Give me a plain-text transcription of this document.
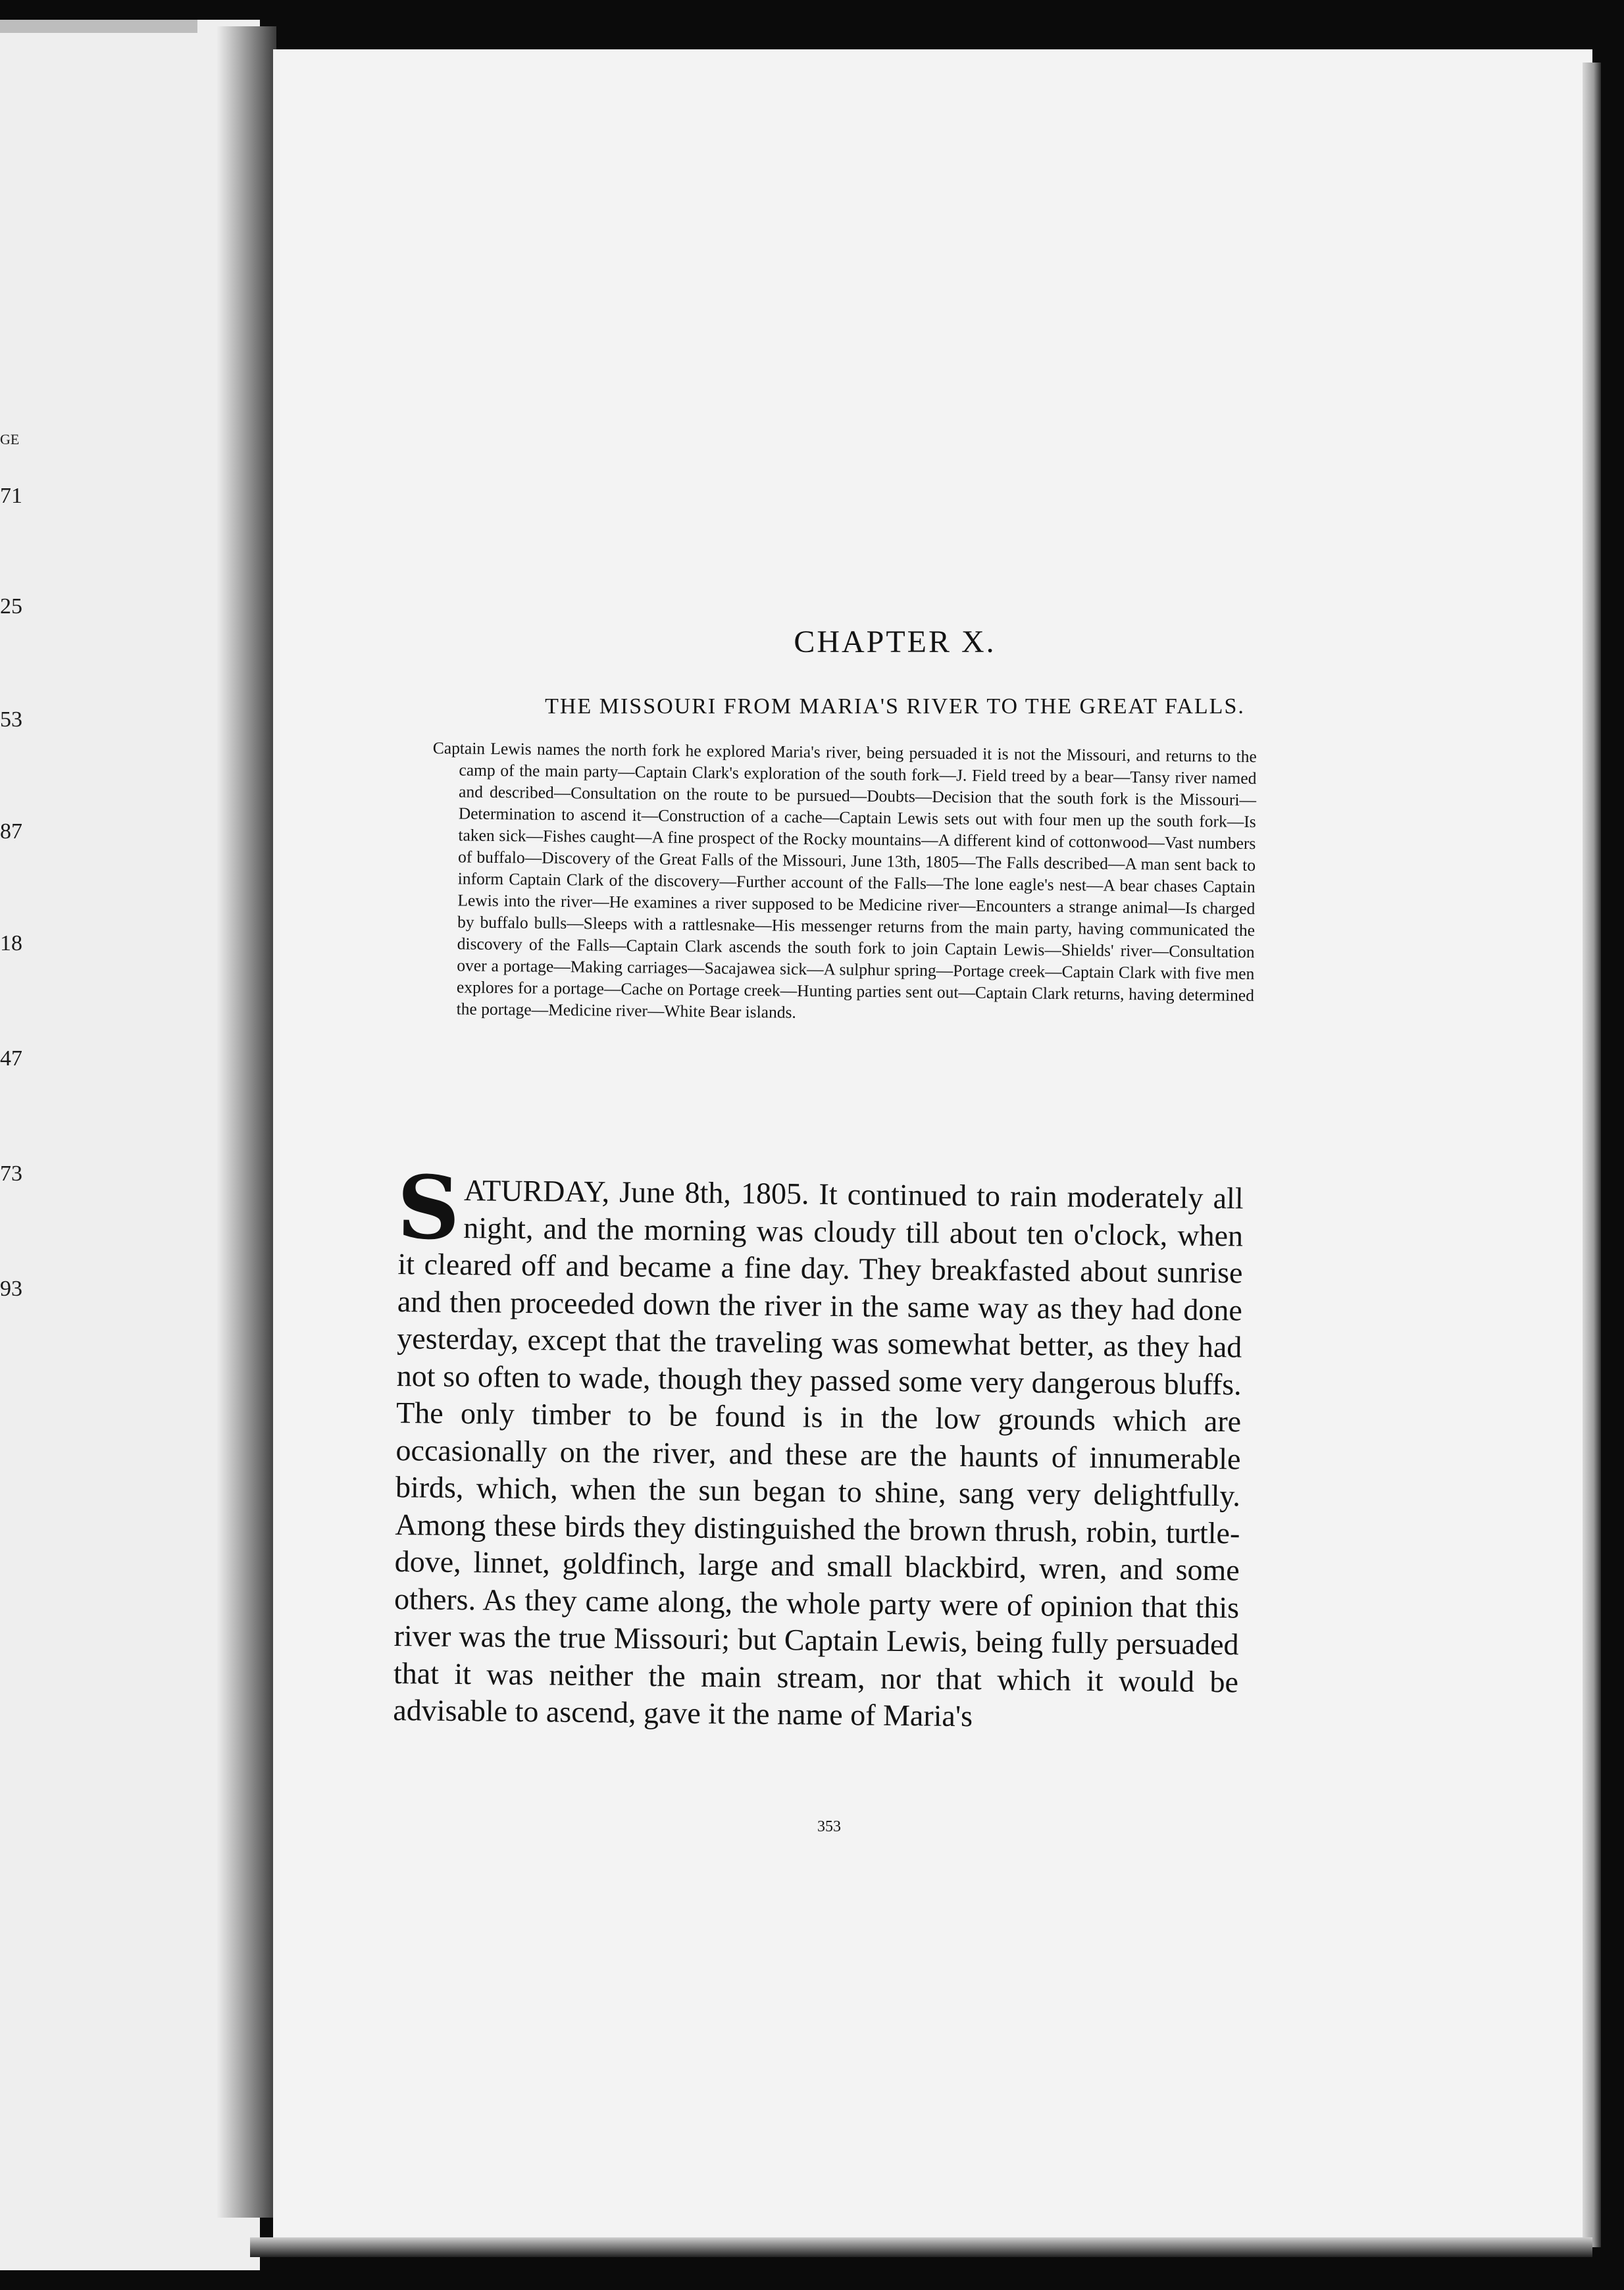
GE
71
25
53
87
18
47
73
93
CHAPTER X.
THE MISSOURI FROM MARIA'S RIVER TO THE GREAT FALLS.

Captain Lewis names the north fork he explored Maria's river, being persuaded it is not the Missouri, and returns to the camp of the main party—Captain Clark's exploration of the south fork—J. Field treed by a bear—Tansy river named and described—Consultation on the route to be pursued—Doubts—Decision that the south fork is the Missouri—Determination to ascend it—Construction of a cache—Captain Lewis sets out with four men up the south fork—Is taken sick—Fishes caught—A fine prospect of the Rocky mountains—A different kind of cottonwood—Vast numbers of buffalo—Discovery of the Great Falls of the Missouri, June 13th, 1805—The Falls described—A man sent back to inform Captain Clark of the discovery—Further account of the Falls—The lone eagle's nest—A bear chases Captain Lewis into the river—He examines a river supposed to be Medicine river—Encounters a strange animal—Is charged by buffalo bulls—Sleeps with a rattlesnake—His messenger returns from the main party, having communicated the discovery of the Falls—Captain Clark ascends the south fork to join Captain Lewis—Shields' river—Consultation over a portage—Making carriages—Sacajawea sick—A sulphur spring—Portage creek—Captain Clark with five men explores for a portage—Cache on Portage creek—Hunting parties sent out—Captain Clark returns, having determined the portage—Medicine river—White Bear islands.

SATURDAY, June 8th, 1805. It continued to rain moderately all night, and the morning was cloudy till about ten o'clock, when it cleared off and became a fine day. They breakfasted about sunrise and then proceeded down the river in the same way as they had done yesterday, except that the traveling was somewhat better, as they had not so often to wade, though they passed some very dangerous bluffs. The only timber to be found is in the low grounds which are occasionally on the river, and these are the haunts of innumerable birds, which, when the sun began to shine, sang very delightfully. Among these birds they distinguished the brown thrush, robin, turtle-dove, linnet, goldfinch, large and small blackbird, wren, and some others. As they came along, the whole party were of opinion that this river was the true Missouri; but Captain Lewis, being fully persuaded that it was neither the main stream, nor that which it would be advisable to ascend, gave it the name of Maria's

353
